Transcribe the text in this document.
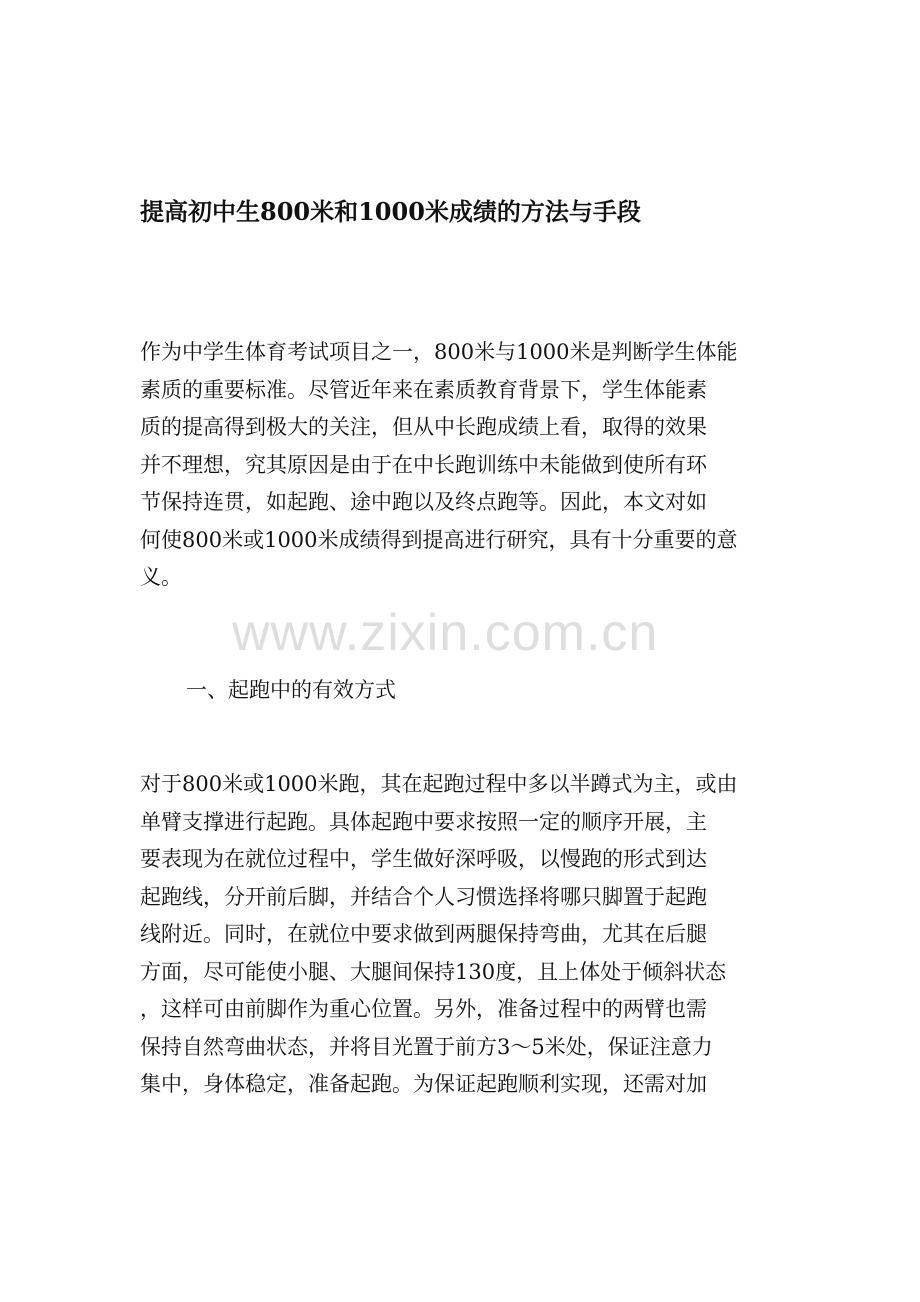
提高初中生800米和1000米成绩的方法与手段
作为中学生体育考试项目之一，800米与1000米是判断学生体能
素质的重要标准。尽管近年来在素质教育背景下，学生体能素
质的提高得到极大的关注，但从中长跑成绩上看，取得的效果
并不理想，究其原因是由于在中长跑训练中未能做到使所有环
节保持连贯，如起跑、途中跑以及终点跑等。因此，本文对如
何使800米或1000米成绩得到提高进行研究，具有十分重要的意
义。
www.zixin.com.cn
一、起跑中的有效方式
对于800米或1000米跑，其在起跑过程中多以半蹲式为主，或由
单臂支撑进行起跑。具体起跑中要求按照一定的顺序开展，主
要表现为在就位过程中，学生做好深呼吸，以慢跑的形式到达
起跑线，分开前后脚，并结合个人习惯选择将哪只脚置于起跑
线附近。同时，在就位中要求做到两腿保持弯曲，尤其在后腿
方面，尽可能使小腿、大腿间保持130度，且上体处于倾斜状态
，这样可由前脚作为重心位置。另外，准备过程中的两臂也需
保持自然弯曲状态，并将目光置于前方3～5米处，保证注意力
集中，身体稳定，准备起跑。为保证起跑顺利实现，还需对加
